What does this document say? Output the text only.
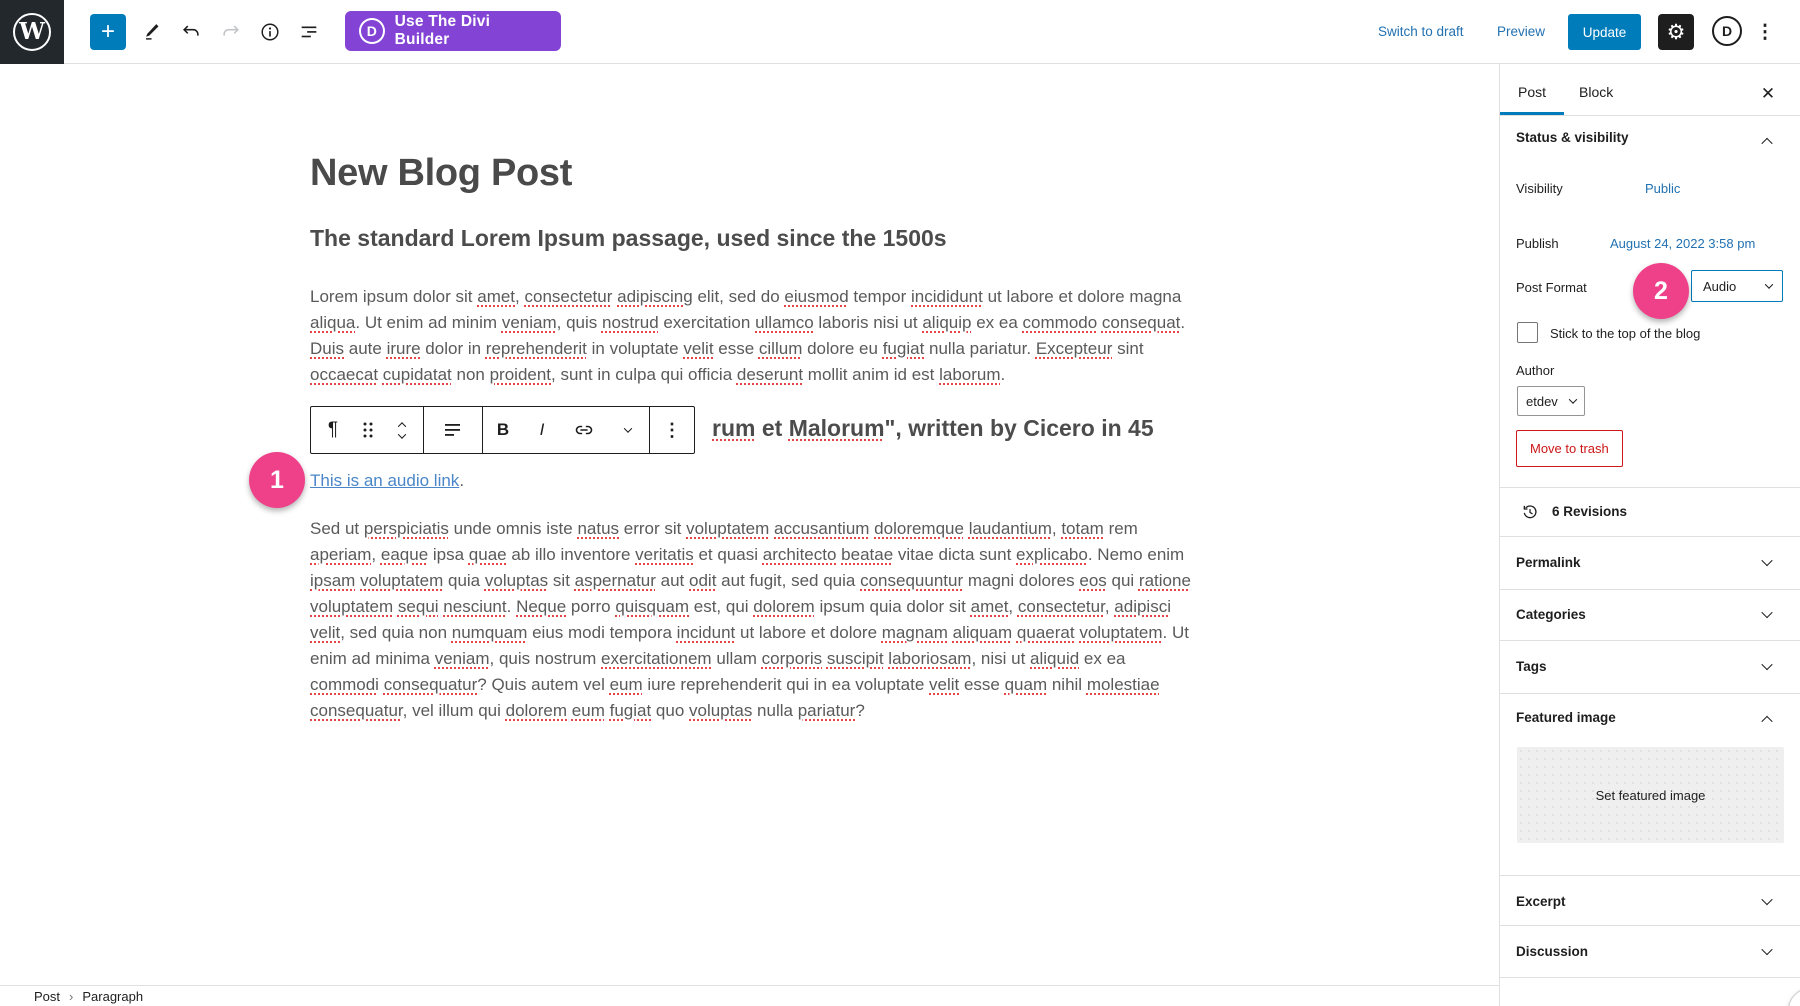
W +	D
Use The Divi Builder	Switch to draft Preview	Update	⚙	D ⋮
New Blog Post
The standard Lorem Ipsum passage, used since the 1500s

Lorem ipsum dolor sit amet, consectetur adipiscing elit, sed do eiusmod tempor incididunt ut labore et dolore magna aliqua. Ut enim ad minim veniam, quis nostrud exercitation ullamco laboris nisi ut aliquip ex ea commodo consequat. Duis aute irure dolor in reprehenderit in voluptate velit esse cillum dolore eu fugiat nulla pariatur. Excepteur sint occaecat cupidatat non proident, sunt in culpa qui officia deserunt mollit anim id est laborum.

¶	B	I	⋮	rum et Malorum", written by Cicero in 45
1	This is an audio link.

Sed ut perspiciatis unde omnis iste natus error sit voluptatem accusantium doloremque laudantium, totam rem aperiam, eaque ipsa quae ab illo inventore veritatis et quasi architecto beatae vitae dicta sunt explicabo. Nemo enim ipsam voluptatem quia voluptas sit aspernatur aut odit aut fugit, sed quia consequuntur magni dolores eos qui ratione voluptatem sequi nesciunt. Neque porro quisquam est, qui dolorem ipsum quia dolor sit amet, consectetur, adipisci velit, sed quia non numquam eius modi tempora incidunt ut labore et dolore magnam aliquam quaerat voluptatem. Ut enim ad minima veniam, quis nostrum exercitationem ullam corporis suscipit laboriosam, nisi ut aliquid ex ea commodi consequatur? Quis autem vel eum iure reprehenderit qui in ea voluptate velit esse quam nihil molestiae consequatur, vel illum qui dolorem eum fugiat quo voluptas nulla pariatur?

Post Block	✕
Status & visibility
Visibility	Public
Publish	August 24, 2022 3:58 pm
Post Format	2	Audio
Stick to the top of the blog
Author
etdev
Move to trash
6 Revisions
Permalink
Categories
Tags
Featured image
Set featured image
Excerpt
Discussion
Post › Paragraph
